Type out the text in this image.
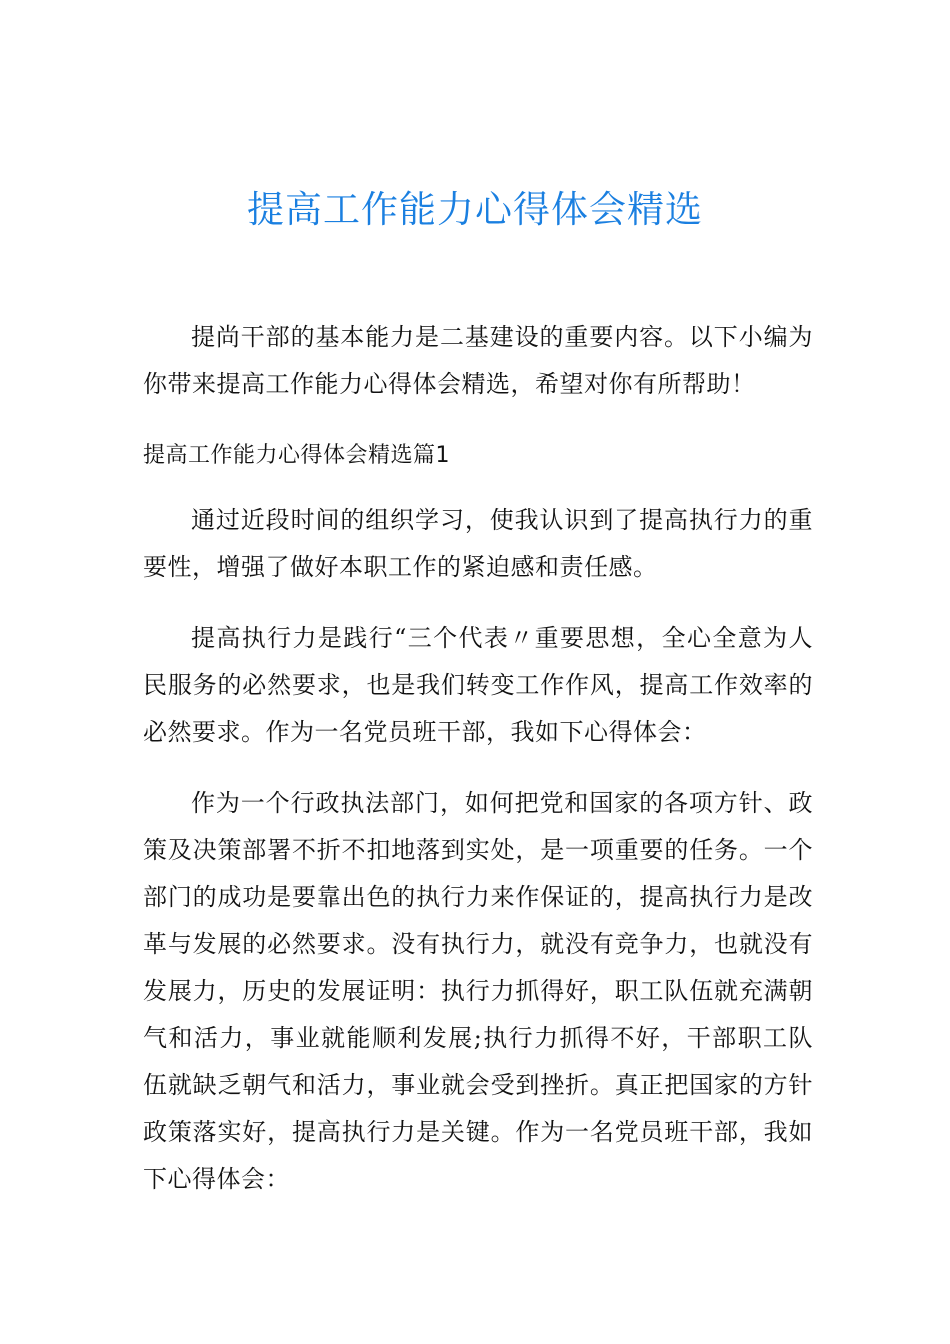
提高工作能力心得体会精选

提尚干部的基本能力是二基建设的重要内容。以下小编为你带来提高工作能力心得体会精选，希望对你有所帮助！

提高工作能力心得体会精选篇1

通过近段时间的组织学习，使我认识到了提高执行力的重要性，增强了做好本职工作的紧迫感和责任感。

提高执行力是践行“三个代表〃重要思想，全心全意为人民服务的必然要求，也是我们转变工作作风，提高工作效率的必然要求。作为一名党员班干部，我如下心得体会：

作为一个行政执法部门，如何把党和国家的各项方针、政策及决策部署不折不扣地落到实处，是一项重要的任务。一个部门的成功是要靠出色的执行力来作保证的，提高执行力是改革与发展的必然要求。没有执行力，就没有竞争力，也就没有发展力，历史的发展证明：执行力抓得好，职工队伍就充满朝气和活力，事业就能顺利发展;执行力抓得不好，干部职工队伍就缺乏朝气和活力，事业就会受到挫折。真正把国家的方针政策落实好，提高执行力是关键。作为一名党员班干部，我如下心得体会：
